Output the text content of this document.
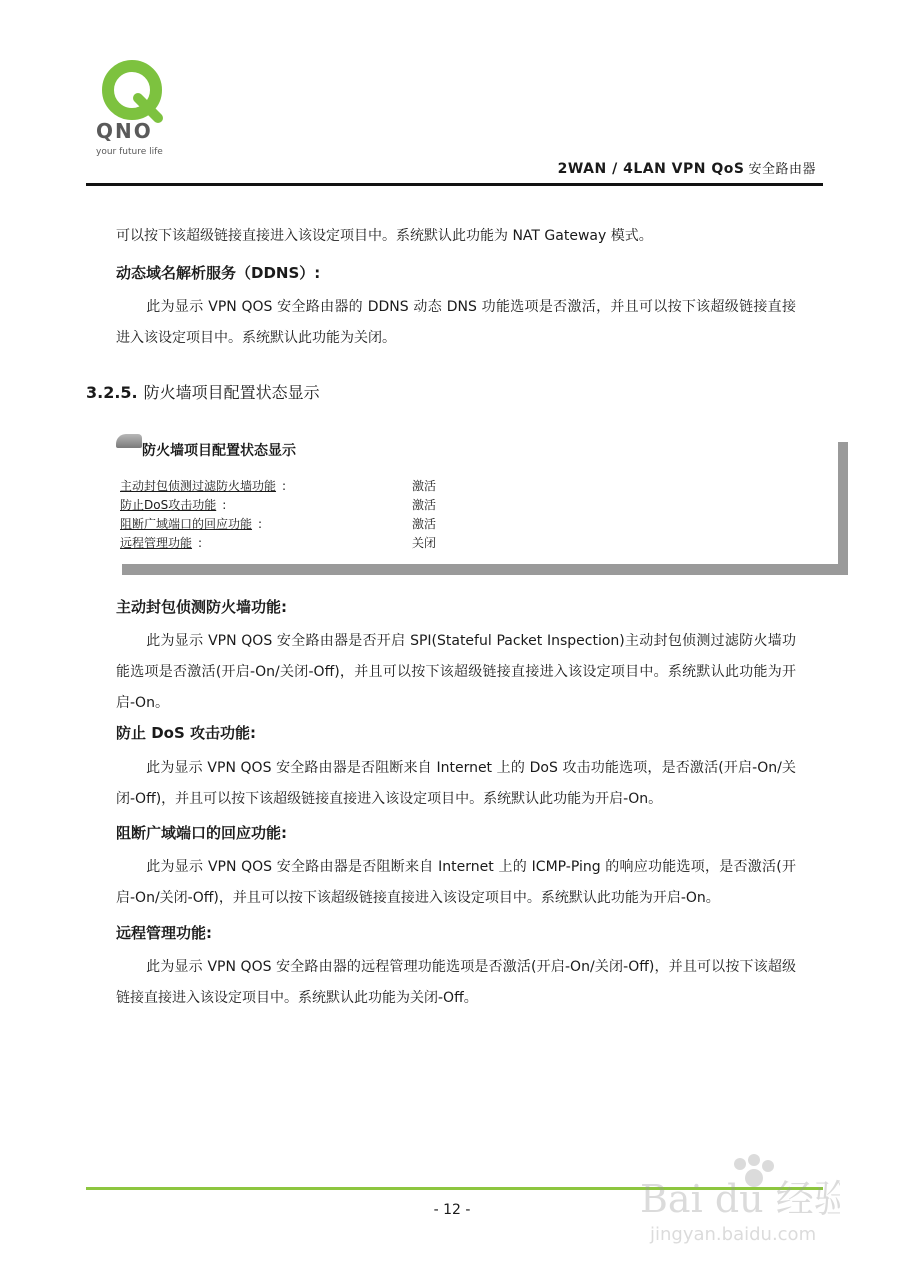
QNO
your future life
2WAN / 4LAN VPN QoS 安全路由器
可以按下该超级链接直接进入该设定项目中。系统默认此功能为 NAT Gateway 模式。
动态域名解析服务（DDNS）:
此为显示 VPN QOS 安全路由器的 DDNS 动态 DNS 功能选项是否激活，并且可以按下该超级链接直接进入该设定项目中。系统默认此功能为关闭。
3.2.5. 防火墙项目配置状态显示
防火墙项目配置状态显示
主动封包侦测过滤防火墙功能 :	激活
防止DoS攻击功能 :	激活
阻断广域端口的回应功能 :	激活
远程管理功能 :	关闭
主动封包侦测防火墙功能:
此为显示 VPN QOS 安全路由器是否开启 SPI(Stateful Packet Inspection)主动封包侦测过滤防火墙功能选项是否激活(开启-On/关闭-Off)，并且可以按下该超级链接直接进入该设定项目中。系统默认此功能为开启-On。
防止 DoS 攻击功能:
此为显示 VPN QOS 安全路由器是否阻断来自 Internet 上的 DoS 攻击功能选项，是否激活(开启-On/关闭-Off)，并且可以按下该超级链接直接进入该设定项目中。系统默认此功能为开启-On。
阻断广域端口的回应功能:
此为显示 VPN QOS 安全路由器是否阻断来自 Internet 上的 ICMP-Ping 的响应功能选项，是否激活(开启-On/关闭-Off)，并且可以按下该超级链接直接进入该设定项目中。系统默认此功能为开启-On。
远程管理功能:
此为显示 VPN QOS 安全路由器的远程管理功能选项是否激活(开启-On/关闭-Off)，并且可以按下该超级链接直接进入该设定项目中。系统默认此功能为关闭-Off。
- 12 -	Bai du 经验
jingyan.baidu.com
